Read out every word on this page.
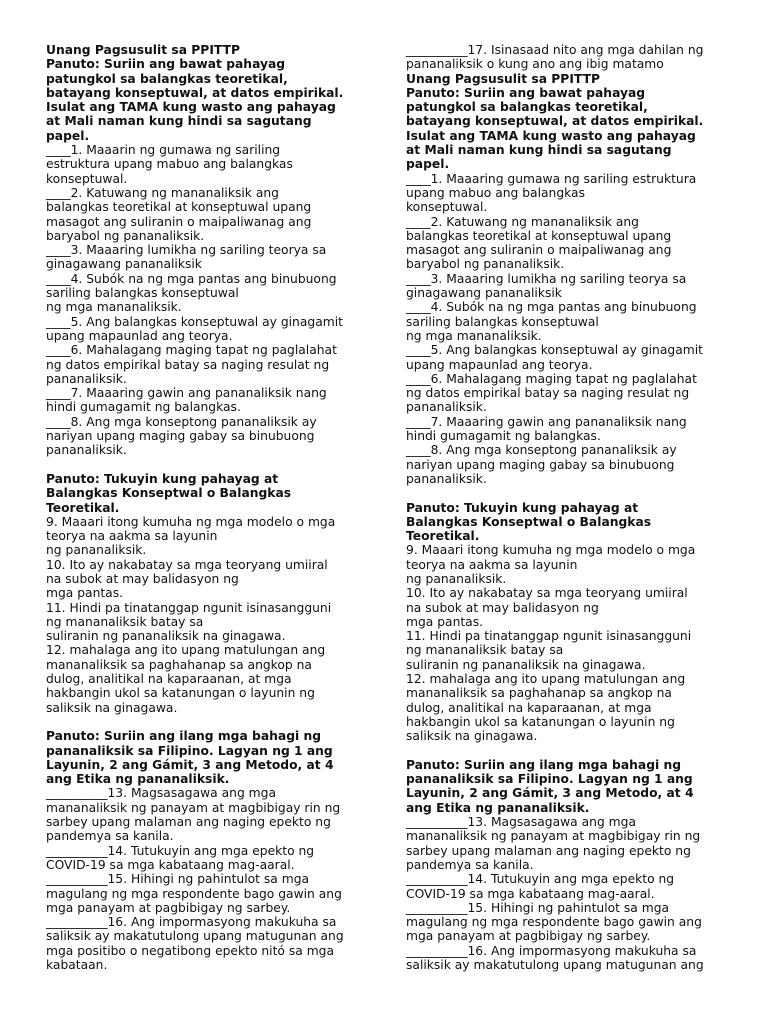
Unang Pagsusulit sa PPITTP
Panuto: Suriin ang bawat pahayag
patungkol sa balangkas teoretikal,
batayang konseptuwal, at datos empirikal.
Isulat ang TAMA kung wasto ang pahayag
at Mali naman kung hindi sa sagutang
papel.
____1. Maaarin ng gumawa ng sariling
estruktura upang mabuo ang balangkas
konseptuwal.
____2. Katuwang ng mananaliksik ang
balangkas teoretikal at konseptuwal upang
masagot ang suliranin o maipaliwanag ang
baryabol ng pananaliksik.
____3. Maaaring lumikha ng sariling teorya sa
ginagawang pananaliksik
____4. Subók na ng mga pantas ang binubuong
sariling balangkas konseptuwal
ng mga mananaliksik.
____5. Ang balangkas konseptuwal ay ginagamit
upang mapaunlad ang teorya.
____6. Mahalagang maging tapat ng paglalahat
ng datos empirikal batay sa naging resulat ng
pananaliksik.
____7. Maaaring gawin ang pananaliksik nang
hindi gumagamit ng balangkas.
____8. Ang mga konseptong pananaliksik ay
nariyan upang maging gabay sa binubuong
pananaliksik.
Panuto: Tukuyin kung pahayag at
Balangkas Konseptwal o Balangkas
Teoretikal.
9. Maaari itong kumuha ng mga modelo o mga
teorya na aakma sa layunin
ng pananaliksik.
10. Ito ay nakabatay sa mga teoryang umiiral
na subok at may balidasyon ng
mga pantas.
11. Hindi pa tinatanggap ngunit isinasangguni
ng mananaliksik batay sa
suliranin ng pananaliksik na ginagawa.
12. mahalaga ang ito upang matulungan ang
mananaliksik sa paghahanap sa angkop na
dulog, analitikal na kaparaanan, at mga
hakbangin ukol sa katanungan o layunin ng
saliksik na ginagawa.
Panuto: Suriin ang ilang mga bahagi ng
pananaliksik sa Filipino. Lagyan ng 1 ang
Layunin, 2 ang Gámit, 3 ang Metodo, at 4
ang Etika ng pananaliksik.
__________13. Magsasagawa ang mga
mananaliksik ng panayam at magbibigay rin ng
sarbey upang malaman ang naging epekto ng
pandemya sa kanila.
__________14. Tutukuyin ang mga epekto ng
COVID-19 sa mga kabataang mag-aaral.
__________15. Hihingi ng pahintulot sa mga
magulang ng mga respondente bago gawin ang
mga panayam at pagbibigay ng sarbey.
__________16. Ang impormasyong makukuha sa
saliksik ay makatutulong upang matugunan ang
mga positibo o negatibong epekto nitó sa mga
kabataan.
__________17. Isinasaad nito ang mga dahilan ng
pananaliksik o kung ano ang ibig matamo
Unang Pagsusulit sa PPITTP
Panuto: Suriin ang bawat pahayag
patungkol sa balangkas teoretikal,
batayang konseptuwal, at datos empirikal.
Isulat ang TAMA kung wasto ang pahayag
at Mali naman kung hindi sa sagutang
papel.
____1. Maaaring gumawa ng sariling estruktura
upang mabuo ang balangkas
konseptuwal.
____2. Katuwang ng mananaliksik ang
balangkas teoretikal at konseptuwal upang
masagot ang suliranin o maipaliwanag ang
baryabol ng pananaliksik.
____3. Maaaring lumikha ng sariling teorya sa
ginagawang pananaliksik
____4. Subók na ng mga pantas ang binubuong
sariling balangkas konseptuwal
ng mga mananaliksik.
____5. Ang balangkas konseptuwal ay ginagamit
upang mapaunlad ang teorya.
____6. Mahalagang maging tapat ng paglalahat
ng datos empirikal batay sa naging resulat ng
pananaliksik.
____7. Maaaring gawin ang pananaliksik nang
hindi gumagamit ng balangkas.
____8. Ang mga konseptong pananaliksik ay
nariyan upang maging gabay sa binubuong
pananaliksik.
Panuto: Tukuyin kung pahayag at
Balangkas Konseptwal o Balangkas
Teoretikal.
9. Maaari itong kumuha ng mga modelo o mga
teorya na aakma sa layunin
ng pananaliksik.
10. Ito ay nakabatay sa mga teoryang umiiral
na subok at may balidasyon ng
mga pantas.
11. Hindi pa tinatanggap ngunit isinasangguni
ng mananaliksik batay sa
suliranin ng pananaliksik na ginagawa.
12. mahalaga ang ito upang matulungan ang
mananaliksik sa paghahanap sa angkop na
dulog, analitikal na kaparaanan, at mga
hakbangin ukol sa katanungan o layunin ng
saliksik na ginagawa.
Panuto: Suriin ang ilang mga bahagi ng
pananaliksik sa Filipino. Lagyan ng 1 ang
Layunin, 2 ang Gámit, 3 ang Metodo, at 4
ang Etika ng pananaliksik.
__________13. Magsasagawa ang mga
mananaliksik ng panayam at magbibigay rin ng
sarbey upang malaman ang naging epekto ng
pandemya sa kanila.
__________14. Tutukuyin ang mga epekto ng
COVID-19 sa mga kabataang mag-aaral.
__________15. Hihingi ng pahintulot sa mga
magulang ng mga respondente bago gawin ang
mga panayam at pagbibigay ng sarbey.
__________16. Ang impormasyong makukuha sa
saliksik ay makatutulong upang matugunan ang
